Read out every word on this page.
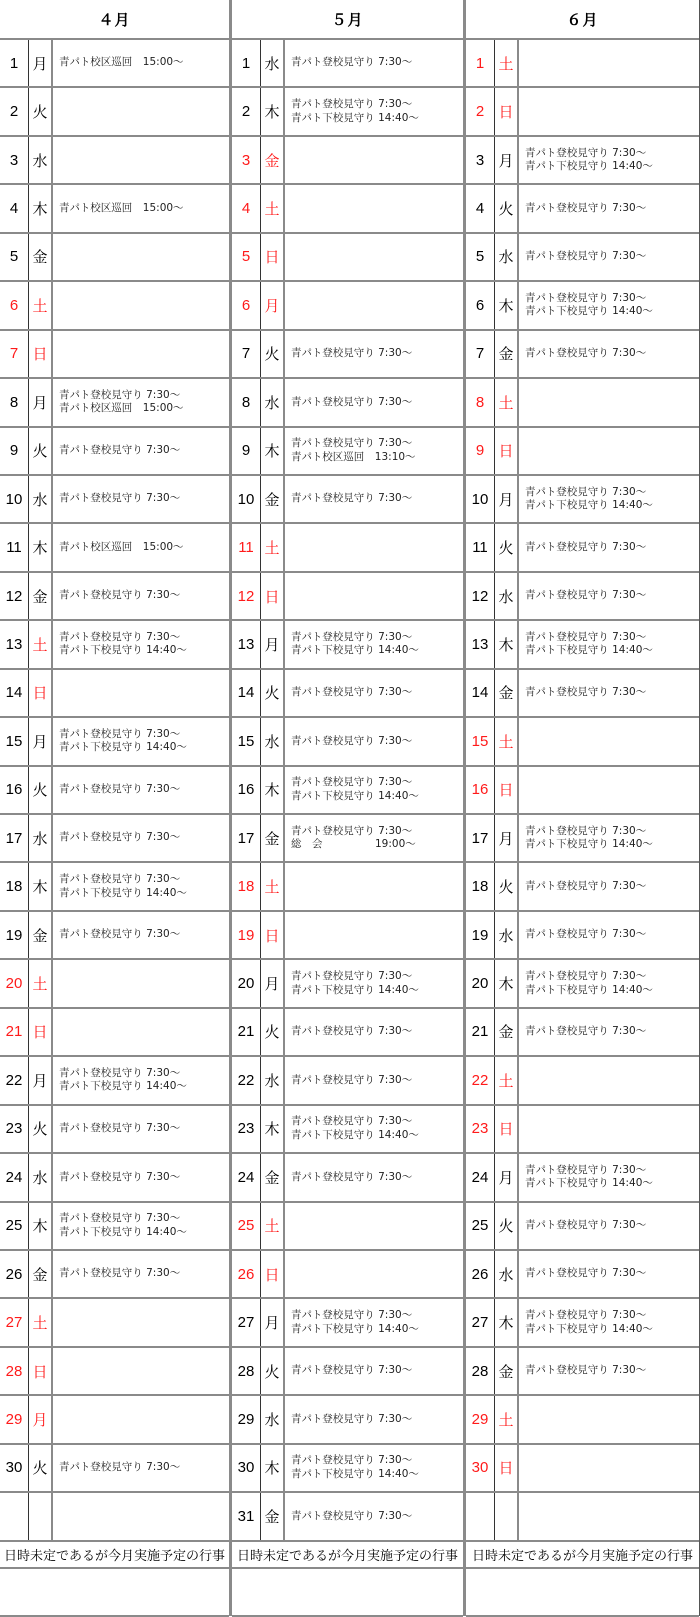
４月
1 月	青パト校区巡回　15:00～
2 火
3 水
4 木	青パト校区巡回　15:00～
5 金
6 土
7 日
8 月	青パト登校見守り 7:30～
青パト校区巡回　15:00～
9 火	青パト登校見守り 7:30～
10 水	青パト登校見守り 7:30～
11 木	青パト校区巡回　15:00～
12 金	青パト登校見守り 7:30～
13 土	青パト登校見守り 7:30～
青パト下校見守り 14:40～
14 日
15 月	青パト登校見守り 7:30～
青パト下校見守り 14:40～
16 火	青パト登校見守り 7:30～
17 水	青パト登校見守り 7:30～
18 木	青パト登校見守り 7:30～
青パト下校見守り 14:40～
19 金	青パト登校見守り 7:30～
20 土
21 日
22 月	青パト登校見守り 7:30～
青パト下校見守り 14:40～
23 火	青パト登校見守り 7:30～
24 水	青パト登校見守り 7:30～
25 木	青パト登校見守り 7:30～
青パト下校見守り 14:40～
26 金	青パト登校見守り 7:30～
27 土
28 日
29 月
30 火	青パト登校見守り 7:30～
日時未定であるが今月実施予定の行事
５月
1 水	青パト登校見守り 7:30～
2 木	青パト登校見守り 7:30～
青パト下校見守り 14:40～
3 金
4 土
5 日
6 月
7 火	青パト登校見守り 7:30～
8 水	青パト登校見守り 7:30～
9 木	青パト登校見守り 7:30～
青パト校区巡回　13:10～
10 金	青パト登校見守り 7:30～
11 土
12 日
13 月	青パト登校見守り 7:30～
青パト下校見守り 14:40～
14 火	青パト登校見守り 7:30～
15 水	青パト登校見守り 7:30～
16 木	青パト登校見守り 7:30～
青パト下校見守り 14:40～
17 金	青パト登校見守り 7:30～
総　会　　　　　19:00～
18 土
19 日
20 月	青パト登校見守り 7:30～
青パト下校見守り 14:40～
21 火	青パト登校見守り 7:30～
22 水	青パト登校見守り 7:30～
23 木	青パト登校見守り 7:30～
青パト下校見守り 14:40～
24 金	青パト登校見守り 7:30～
25 土
26 日
27 月	青パト登校見守り 7:30～
青パト下校見守り 14:40～
28 火	青パト登校見守り 7:30～
29 水	青パト登校見守り 7:30～
30 木	青パト登校見守り 7:30～
青パト下校見守り 14:40～
31 金	青パト登校見守り 7:30～
日時未定であるが今月実施予定の行事
６月
1 土
2 日
3 月	青パト登校見守り 7:30～
青パト下校見守り 14:40～
4 火	青パト登校見守り 7:30～
5 水	青パト登校見守り 7:30～
6 木	青パト登校見守り 7:30～
青パト下校見守り 14:40～
7 金	青パト登校見守り 7:30～
8 土
9 日
10 月	青パト登校見守り 7:30～
青パト下校見守り 14:40～
11 火	青パト登校見守り 7:30～
12 水	青パト登校見守り 7:30～
13 木	青パト登校見守り 7:30～
青パト下校見守り 14:40～
14 金	青パト登校見守り 7:30～
15 土
16 日
17 月	青パト登校見守り 7:30～
青パト下校見守り 14:40～
18 火	青パト登校見守り 7:30～
19 水	青パト登校見守り 7:30～
20 木	青パト登校見守り 7:30～
青パト下校見守り 14:40～
21 金	青パト登校見守り 7:30～
22 土
23 日
24 月	青パト登校見守り 7:30～
青パト下校見守り 14:40～
25 火	青パト登校見守り 7:30～
26 水	青パト登校見守り 7:30～
27 木	青パト登校見守り 7:30～
青パト下校見守り 14:40～
28 金	青パト登校見守り 7:30～
29 土
30 日
日時未定であるが今月実施予定の行事
